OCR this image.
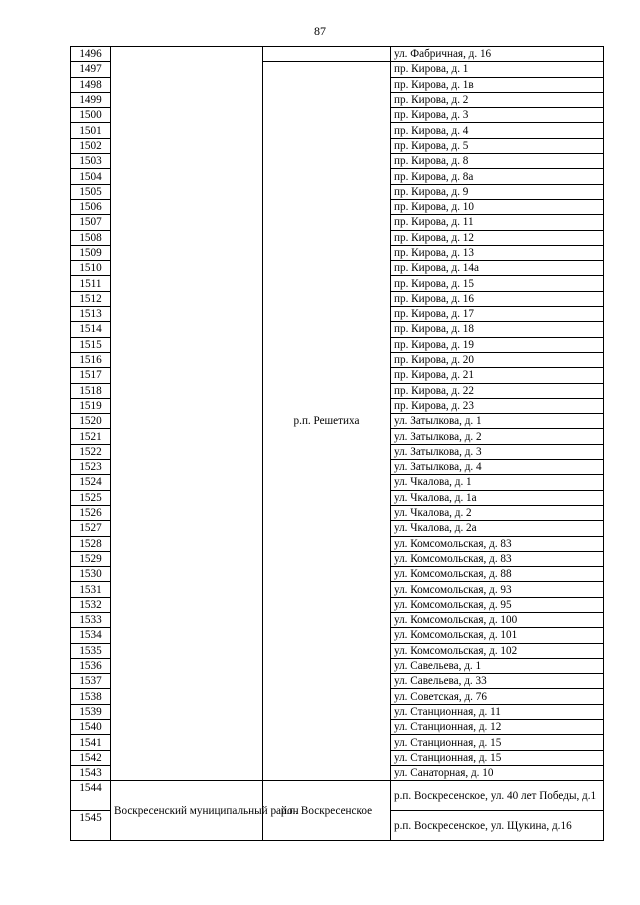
87
1496			ул. Фабричная, д. 16
1497		р.п. Решетиха	пр. Кирова, д. 1
1498			пр. Кирова, д. 1в
1499			пр. Кирова, д. 2
1500			пр. Кирова, д. 3
1501			пр. Кирова, д. 4
1502			пр. Кирова, д. 5
1503			пр. Кирова, д. 8
1504			пр. Кирова, д. 8а
1505			пр. Кирова, д. 9
1506			пр. Кирова, д. 10
1507			пр. Кирова, д. 11
1508			пр. Кирова, д. 12
1509			пр. Кирова, д. 13
1510			пр. Кирова, д. 14а
1511			пр. Кирова, д. 15
1512			пр. Кирова, д. 16
1513			пр. Кирова, д. 17
1514			пр. Кирова, д. 18
1515			пр. Кирова, д. 19
1516			пр. Кирова, д. 20
1517			пр. Кирова, д. 21
1518			пр. Кирова, д. 22
1519			пр. Кирова, д. 23
1520			ул. Затылкова, д. 1
1521			ул. Затылкова, д. 2
1522			ул. Затылкова, д. 3
1523			ул. Затылкова, д. 4
1524			ул. Чкалова, д. 1
1525			ул. Чкалова, д. 1а
1526			ул. Чкалова, д. 2
1527			ул. Чкалова, д. 2а
1528			ул. Комсомольская, д. 83
1529			ул. Комсомольская, д. 83
1530			ул. Комсомольская, д. 88
1531			ул. Комсомольская, д. 93
1532			ул. Комсомольская, д. 95
1533			ул. Комсомольская, д. 100
1534			ул. Комсомольская, д. 101
1535			ул. Комсомольская, д. 102
1536			ул. Савельева, д. 1
1537			ул. Савельева, д. 33
1538			ул. Советская, д. 76
1539			ул. Станционная, д. 11
1540			ул. Станционная, д. 12
1541			ул. Станционная, д. 15
1542			ул. Станционная, д. 15
1543			ул. Санаторная, д. 10
1544	Воскресенский муниципальный район	р.п. Воскресенское	р.п. Воскресенское, ул. 40 лет Победы, д.1
1545			р.п. Воскресенское, ул. Щукина, д.16
